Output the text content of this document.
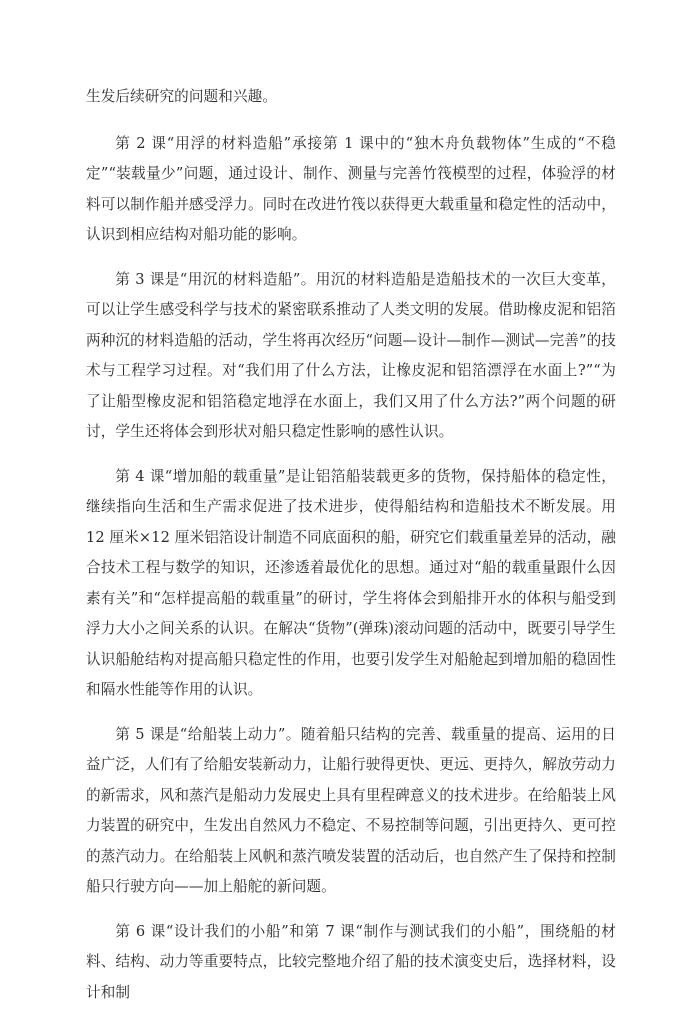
生发后续研究的问题和兴趣。

第 2 课“用浮的材料造船”承接第 1 课中的“独木舟负载物体”生成的“不稳定”“装载量少”问题，通过设计、制作、测量与完善竹筏模型的过程，体验浮的材料可以制作船并感受浮力。同时在改进竹筏以获得更大载重量和稳定性的活动中，认识到相应结构对船功能的影响。

第 3 课是“用沉的材料造船”。用沉的材料造船是造船技术的一次巨大变革，可以让学生感受科学与技术的紧密联系推动了人类文明的发展。借助橡皮泥和铝箔两种沉的材料造船的活动，学生将再次经历“问题—设计—制作—测试—完善”的技术与工程学习过程。对“我们用了什么方法，让橡皮泥和铝箔漂浮在水面上?”“为了让船型橡皮泥和铝箔稳定地浮在水面上，我们又用了什么方法?”两个问题的研讨，学生还将体会到形状对船只稳定性影响的感性认识。

第 4 课“增加船的载重量”是让铝箔船装载更多的货物，保持船体的稳定性，继续指向生活和生产需求促进了技术进步，使得船结构和造船技术不断发展。用 12 厘米×12 厘米铝箔设计制造不同底面积的船，研究它们载重量差异的活动，融合技术工程与数学的知识，还渗透着最优化的思想。通过对“船的载重量跟什么因素有关”和“怎样提高船的载重量”的研讨，学生将体会到船排开水的体积与船受到浮力大小之间关系的认识。在解决“货物”(弹珠)滚动问题的活动中，既要引导学生认识船舱结构对提高船只稳定性的作用，也要引发学生对船舱起到增加船的稳固性和隔水性能等作用的认识。

第 5 课是“给船装上动力”。随着船只结构的完善、载重量的提高、运用的日益广泛，人们有了给船安装新动力，让船行驶得更快、更远、更持久，解放劳动力的新需求，风和蒸汽是船动力发展史上具有里程碑意义的技术进步。在给船装上风力装置的研究中，生发出自然风力不稳定、不易控制等问题，引出更持久、更可控的蒸汽动力。在给船装上风帆和蒸汽喷发装置的活动后，也自然产生了保持和控制船只行驶方向——加上船舵的新问题。

第 6 课“设计我们的小船”和第 7 课“制作与测试我们的小船”，围绕船的材料、结构、动力等重要特点，比较完整地介绍了船的技术演变史后，选择材料，设计和制
